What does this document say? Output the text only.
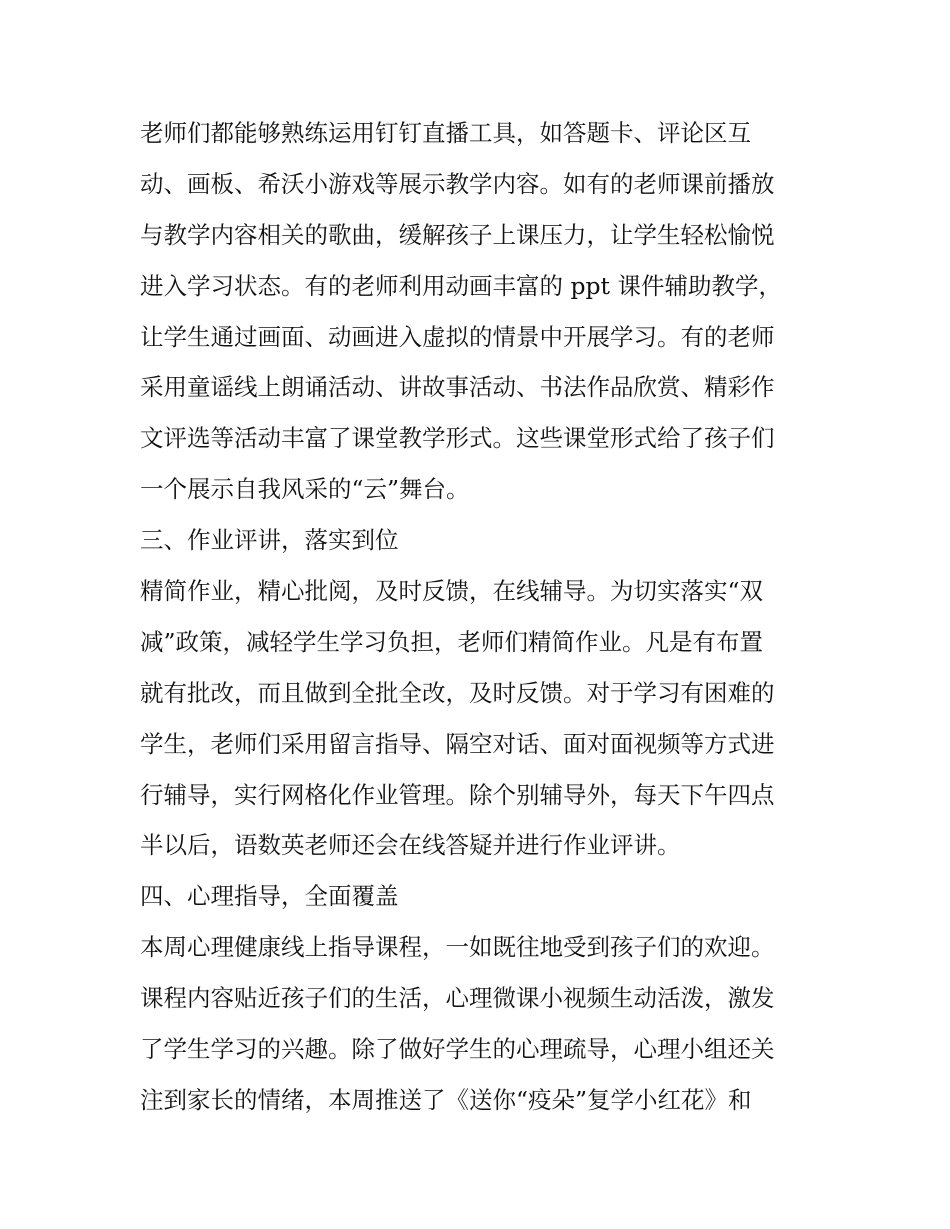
老师们都能够熟练运用钉钉直播工具，如答题卡、评论区互
动、画板、希沃小游戏等展示教学内容。如有的老师课前播放
与教学内容相关的歌曲，缓解孩子上课压力，让学生轻松愉悦
进入学习状态。有的老师利用动画丰富的 ppt 课件辅助教学，
让学生通过画面、动画进入虚拟的情景中开展学习。有的老师
采用童谣线上朗诵活动、讲故事活动、书法作品欣赏、精彩作
文评选等活动丰富了课堂教学形式。这些课堂形式给了孩子们
一个展示自我风采的“云”舞台。
三、作业评讲，落实到位
精简作业，精心批阅，及时反馈，在线辅导。为切实落实“双
减”政策，减轻学生学习负担，老师们精简作业。凡是有布置
就有批改，而且做到全批全改，及时反馈。对于学习有困难的
学生，老师们采用留言指导、隔空对话、面对面视频等方式进
行辅导，实行网格化作业管理。除个别辅导外，每天下午四点
半以后，语数英老师还会在线答疑并进行作业评讲。
四、心理指导，全面覆盖
本周心理健康线上指导课程，一如既往地受到孩子们的欢迎。
课程内容贴近孩子们的生活，心理微课小视频生动活泼，激发
了学生学习的兴趣。除了做好学生的心理疏导，心理小组还关
注到家长的情绪，本周推送了《送你“疫朵”复学小红花》和
